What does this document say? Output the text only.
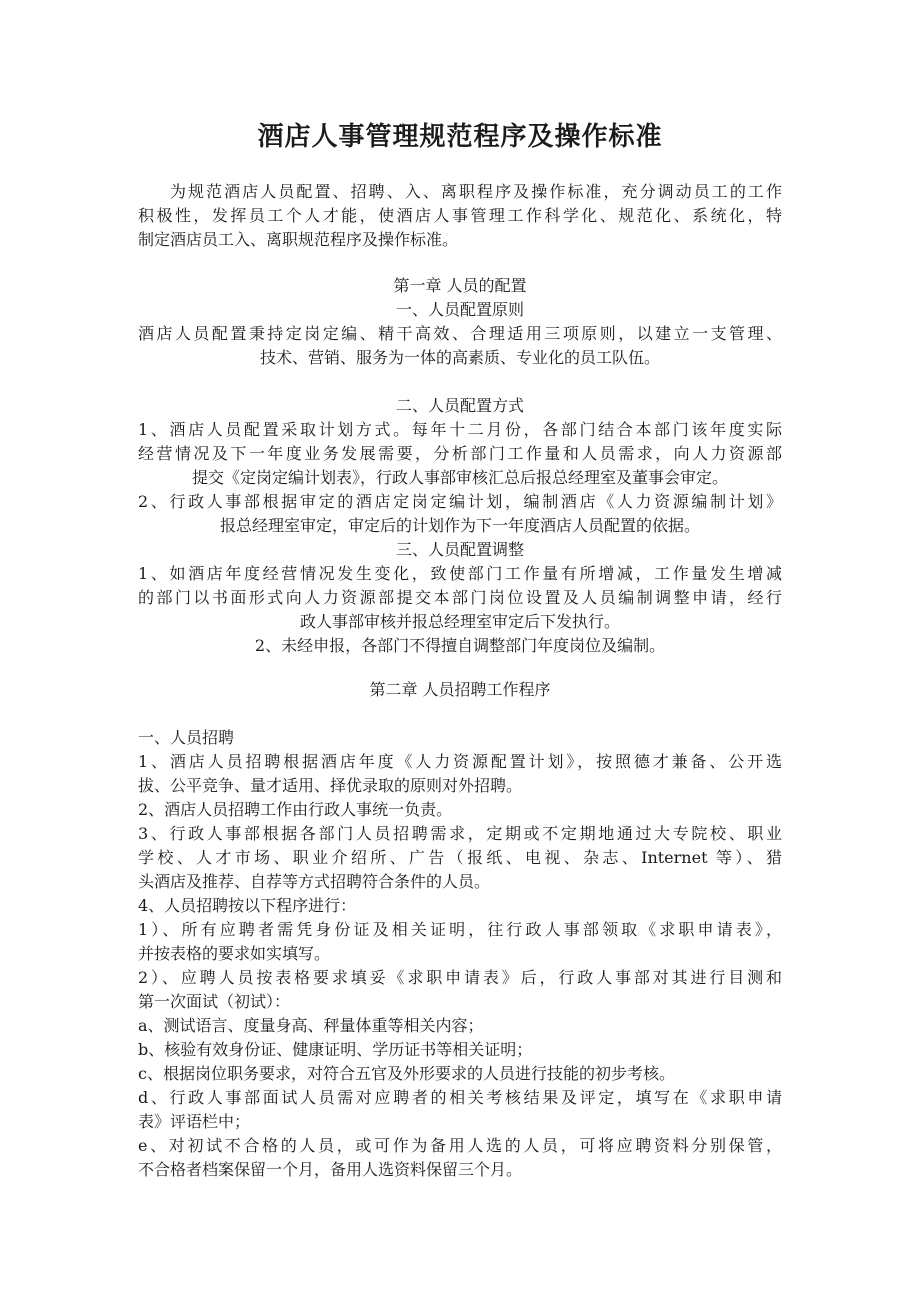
酒店人事管理规范程序及操作标准
为规范酒店人员配置、招聘、入、离职程序及操作标准，充分调动员工的工作
积极性，发挥员工个人才能，使酒店人事管理工作科学化、规范化、系统化，特
制定酒店员工入、离职规范程序及操作标准。
第一章 人员的配置
一、人员配置原则
酒店人员配置秉持定岗定编、精干高效、合理适用三项原则，以建立一支管理、
技术、营销、服务为一体的高素质、专业化的员工队伍。
二、人员配置方式
1、酒店人员配置采取计划方式。每年十二月份，各部门结合本部门该年度实际
经营情况及下一年度业务发展需要，分析部门工作量和人员需求，向人力资源部
提交《定岗定编计划表》，行政人事部审核汇总后报总经理室及董事会审定。
2、行政人事部根据审定的酒店定岗定编计划，编制酒店《人力资源编制计划》
报总经理室审定，审定后的计划作为下一年度酒店人员配置的依据。
三、人员配置调整
1、如酒店年度经营情况发生变化，致使部门工作量有所增减，工作量发生增减
的部门以书面形式向人力资源部提交本部门岗位设置及人员编制调整申请，经行
政人事部审核并报总经理室审定后下发执行。
2、未经申报，各部门不得擅自调整部门年度岗位及编制。
第二章 人员招聘工作程序
一、人员招聘
1、酒店人员招聘根据酒店年度《人力资源配置计划》，按照德才兼备、公开选
拔、公平竞争、量才适用、择优录取的原则对外招聘。
2、酒店人员招聘工作由行政人事统一负责。
3、行政人事部根据各部门人员招聘需求，定期或不定期地通过大专院校、职业
学校、人才市场、职业介绍所、广告（报纸、电视、杂志、Internet 等）、猎
头酒店及推荐、自荐等方式招聘符合条件的人员。
4、人员招聘按以下程序进行：
1）、所有应聘者需凭身份证及相关证明，往行政人事部领取《求职申请表》，
并按表格的要求如实填写。
2）、应聘人员按表格要求填妥《求职申请表》后，行政人事部对其进行目测和
第一次面试（初试）：
a、测试语言、度量身高、秤量体重等相关内容；
b、核验有效身份证、健康证明、学历证书等相关证明；
c、根据岗位职务要求，对符合五官及外形要求的人员进行技能的初步考核。
d、行政人事部面试人员需对应聘者的相关考核结果及评定，填写在《求职申请
表》评语栏中；
e、对初试不合格的人员，或可作为备用人选的人员，可将应聘资料分别保管，
不合格者档案保留一个月，备用人选资料保留三个月。
